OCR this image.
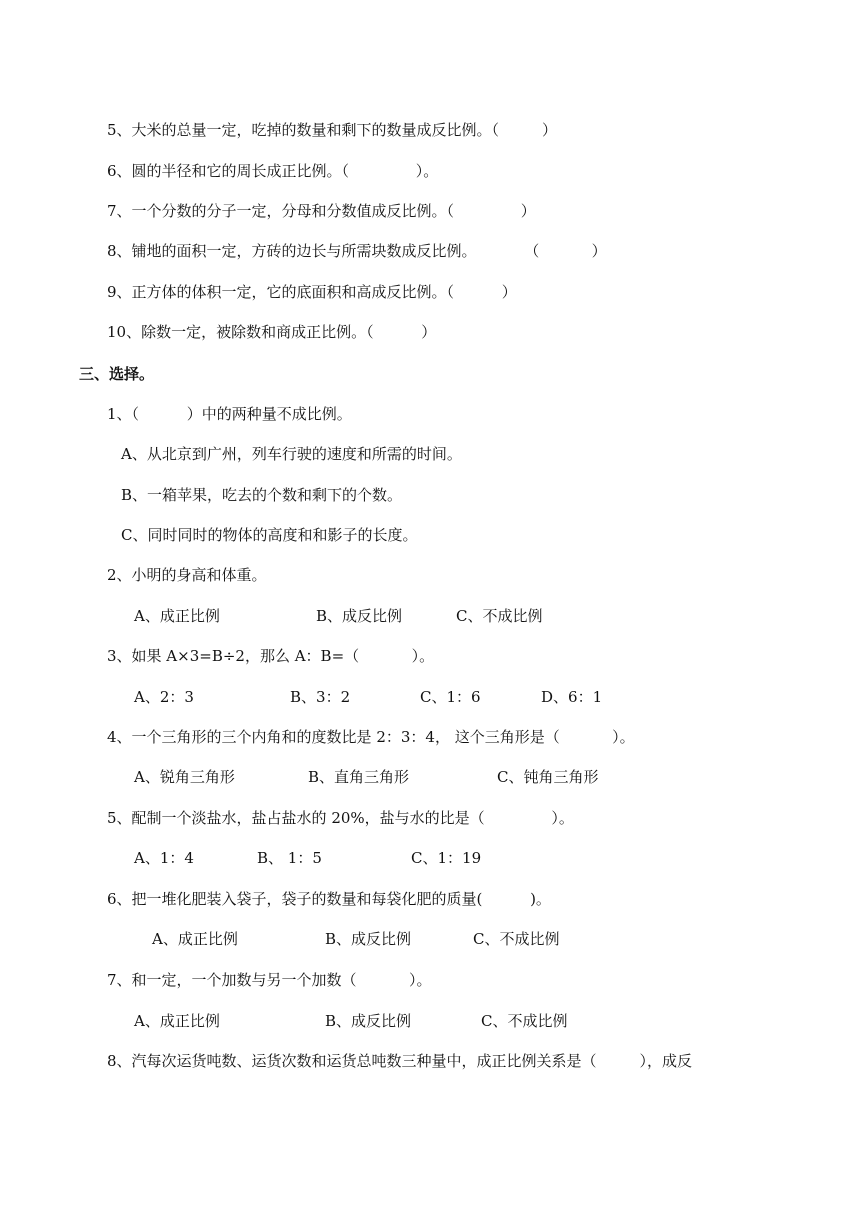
5、大米的总量一定，吃掉的数量和剩下的数量成反比例。（         ）
6、圆的半径和它的周长成正比例。（              ）。
7、一个分数的分子一定，分母和分数值成反比例。（              ）
8、铺地的面积一定，方砖的边长与所需块数成反比例。          （           ）
9、正方体的体积一定，它的底面积和高成反比例。（          ）
10、除数一定，被除数和商成正比例。（          ）
三、选择。
1、（          ）中的两种量不成比例。
A、从北京到广州，列车行驶的速度和所需的时间。
B、一箱苹果，吃去的个数和剩下的个数。
C、同时同时的物体的高度和和影子的长度。
2、小明的身高和体重。
A、成正比例	B、成反比例	C、不成比例
3、如果 A×3=B÷2，那么 A：B=（           ）。
A、2：3	B、3：2	C、1：6	D、6：1
4、一个三角形的三个内角和的度数比是 2：3：4， 这个三角形是（           ）。
A、锐角三角形	B、直角三角形	C、钝角三角形
5、配制一个淡盐水，盐占盐水的 20%，盐与水的比是（              ）。
A、1：4	B、 1：5	C、1：19
6、把一堆化肥装入袋子，袋子的数量和每袋化肥的质量(          )。
A、成正比例	B、成反比例	C、不成比例
7、和一定，一个加数与另一个加数（           ）。
A、成正比例	B、成反比例	C、不成比例
8、汽每次运货吨数、运货次数和运货总吨数三种量中，成正比例关系是（         ），成反
